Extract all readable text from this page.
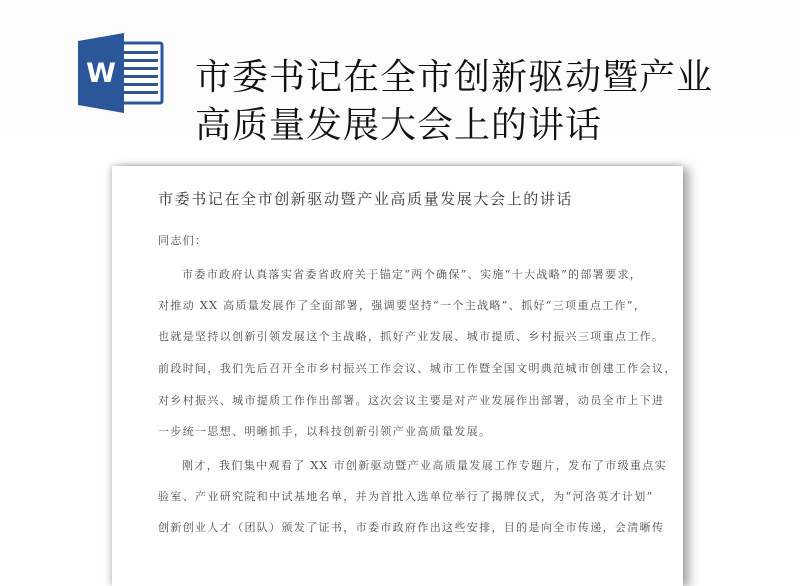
W 市委书记在全市创新驱动暨产业
高质量发展大会上的讲话
市委书记在全市创新驱动暨产业高质量发展大会上的讲话
同志们：
市委市政府认真落实省委省政府关于锚定“两个确保”、实施“十大战略”的部署要求，
对推动 XX 高质量发展作了全面部署，强调要坚持“一个主战略”、抓好“三项重点工作”，
也就是坚持以创新引领发展这个主战略，抓好产业发展、城市提质、乡村振兴三项重点工作。
前段时间，我们先后召开全市乡村振兴工作会议、城市工作暨全国文明典范城市创建工作会议，
对乡村振兴、城市提质工作作出部署。这次会议主要是对产业发展作出部署，动员全市上下进
一步统一思想、明晰抓手，以科技创新引领产业高质量发展。
刚才，我们集中观看了 XX 市创新驱动暨产业高质量发展工作专题片，发布了市级重点实
验室、产业研究院和中试基地名单，并为首批入选单位举行了揭牌仪式，为“河洛英才计划”
创新创业人才（团队）颁发了证书，市委市政府作出这些安排，目的是向全市传递，会清晰传
